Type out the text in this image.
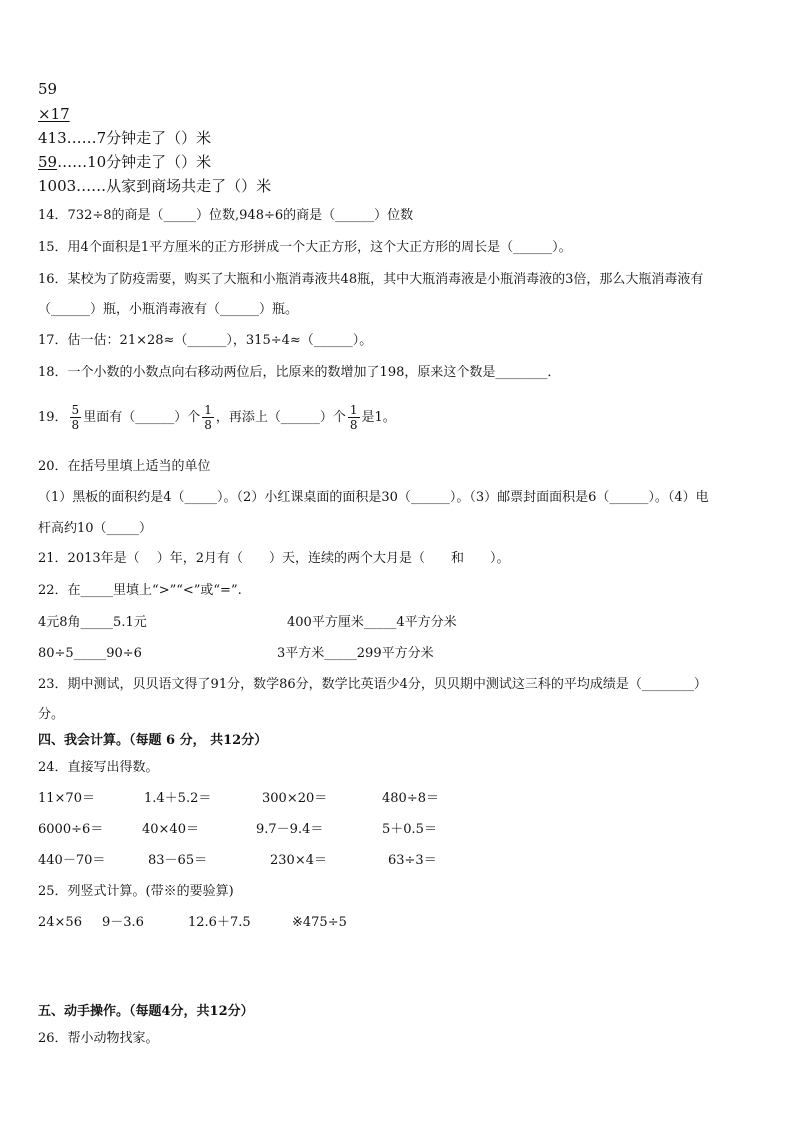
59
×17
413……7分钟走了（）米
59……10分钟走了（）米
1003……从家到商场共走了（）米
14．732÷8的商是（_____）位数,948÷6的商是（______）位数
15．用4个面积是1平方厘米的正方形拼成一个大正方形，这个大正方形的周长是（______）。
16．某校为了防疫需要，购买了大瓶和小瓶消毒液共48瓶，其中大瓶消毒液是小瓶消毒液的3倍，那么大瓶消毒液有
（______）瓶，小瓶消毒液有（______）瓶。
17．估一估：21×28≈（______），315÷4≈（______）。
18．一个小数的小数点向右移动两位后，比原来的数增加了198，原来这个数是________．
19． $\frac{5}{8}$ 里面有（______）个 $\frac{1}{8}$ ，再添上（______）个 $\frac{1}{8}$ 是1。
20．在括号里填上适当的单位
（1）黑板的面积约是4（_____）。（2）小红课桌面的面积是30（______）。（3）邮票封面面积是6（______）。（4）电
杆高约10（_____）
21．2013年是（　 ）年，2月有（　　）天，连续的两个大月是（　　和　　）。
22．在_____里填上“>”“<”或“=”.
4元8角_____5.1元	400平方厘米_____4平方分米
80÷5_____90÷6	3平方米_____299平方分米
23．期中测试，贝贝语文得了91分，数学86分，数学比英语少4分，贝贝期中测试这三科的平均成绩是（________）
分。
四、我会计算。（每题 6 分， 共12分）
24．直接写出得数。
11×70＝	1.4＋5.2＝	300×20＝	480÷8＝
6000÷6＝	40×40＝	9.7－9.4＝	5＋0.5＝
440－70＝	83－65＝	230×4＝	63÷3＝
25．列竖式计算。(带※的要验算)
24×56 9－3.6	12.6＋7.5	※475÷5
五、动手操作。（每题4分，共12分）
26．帮小动物找家。
